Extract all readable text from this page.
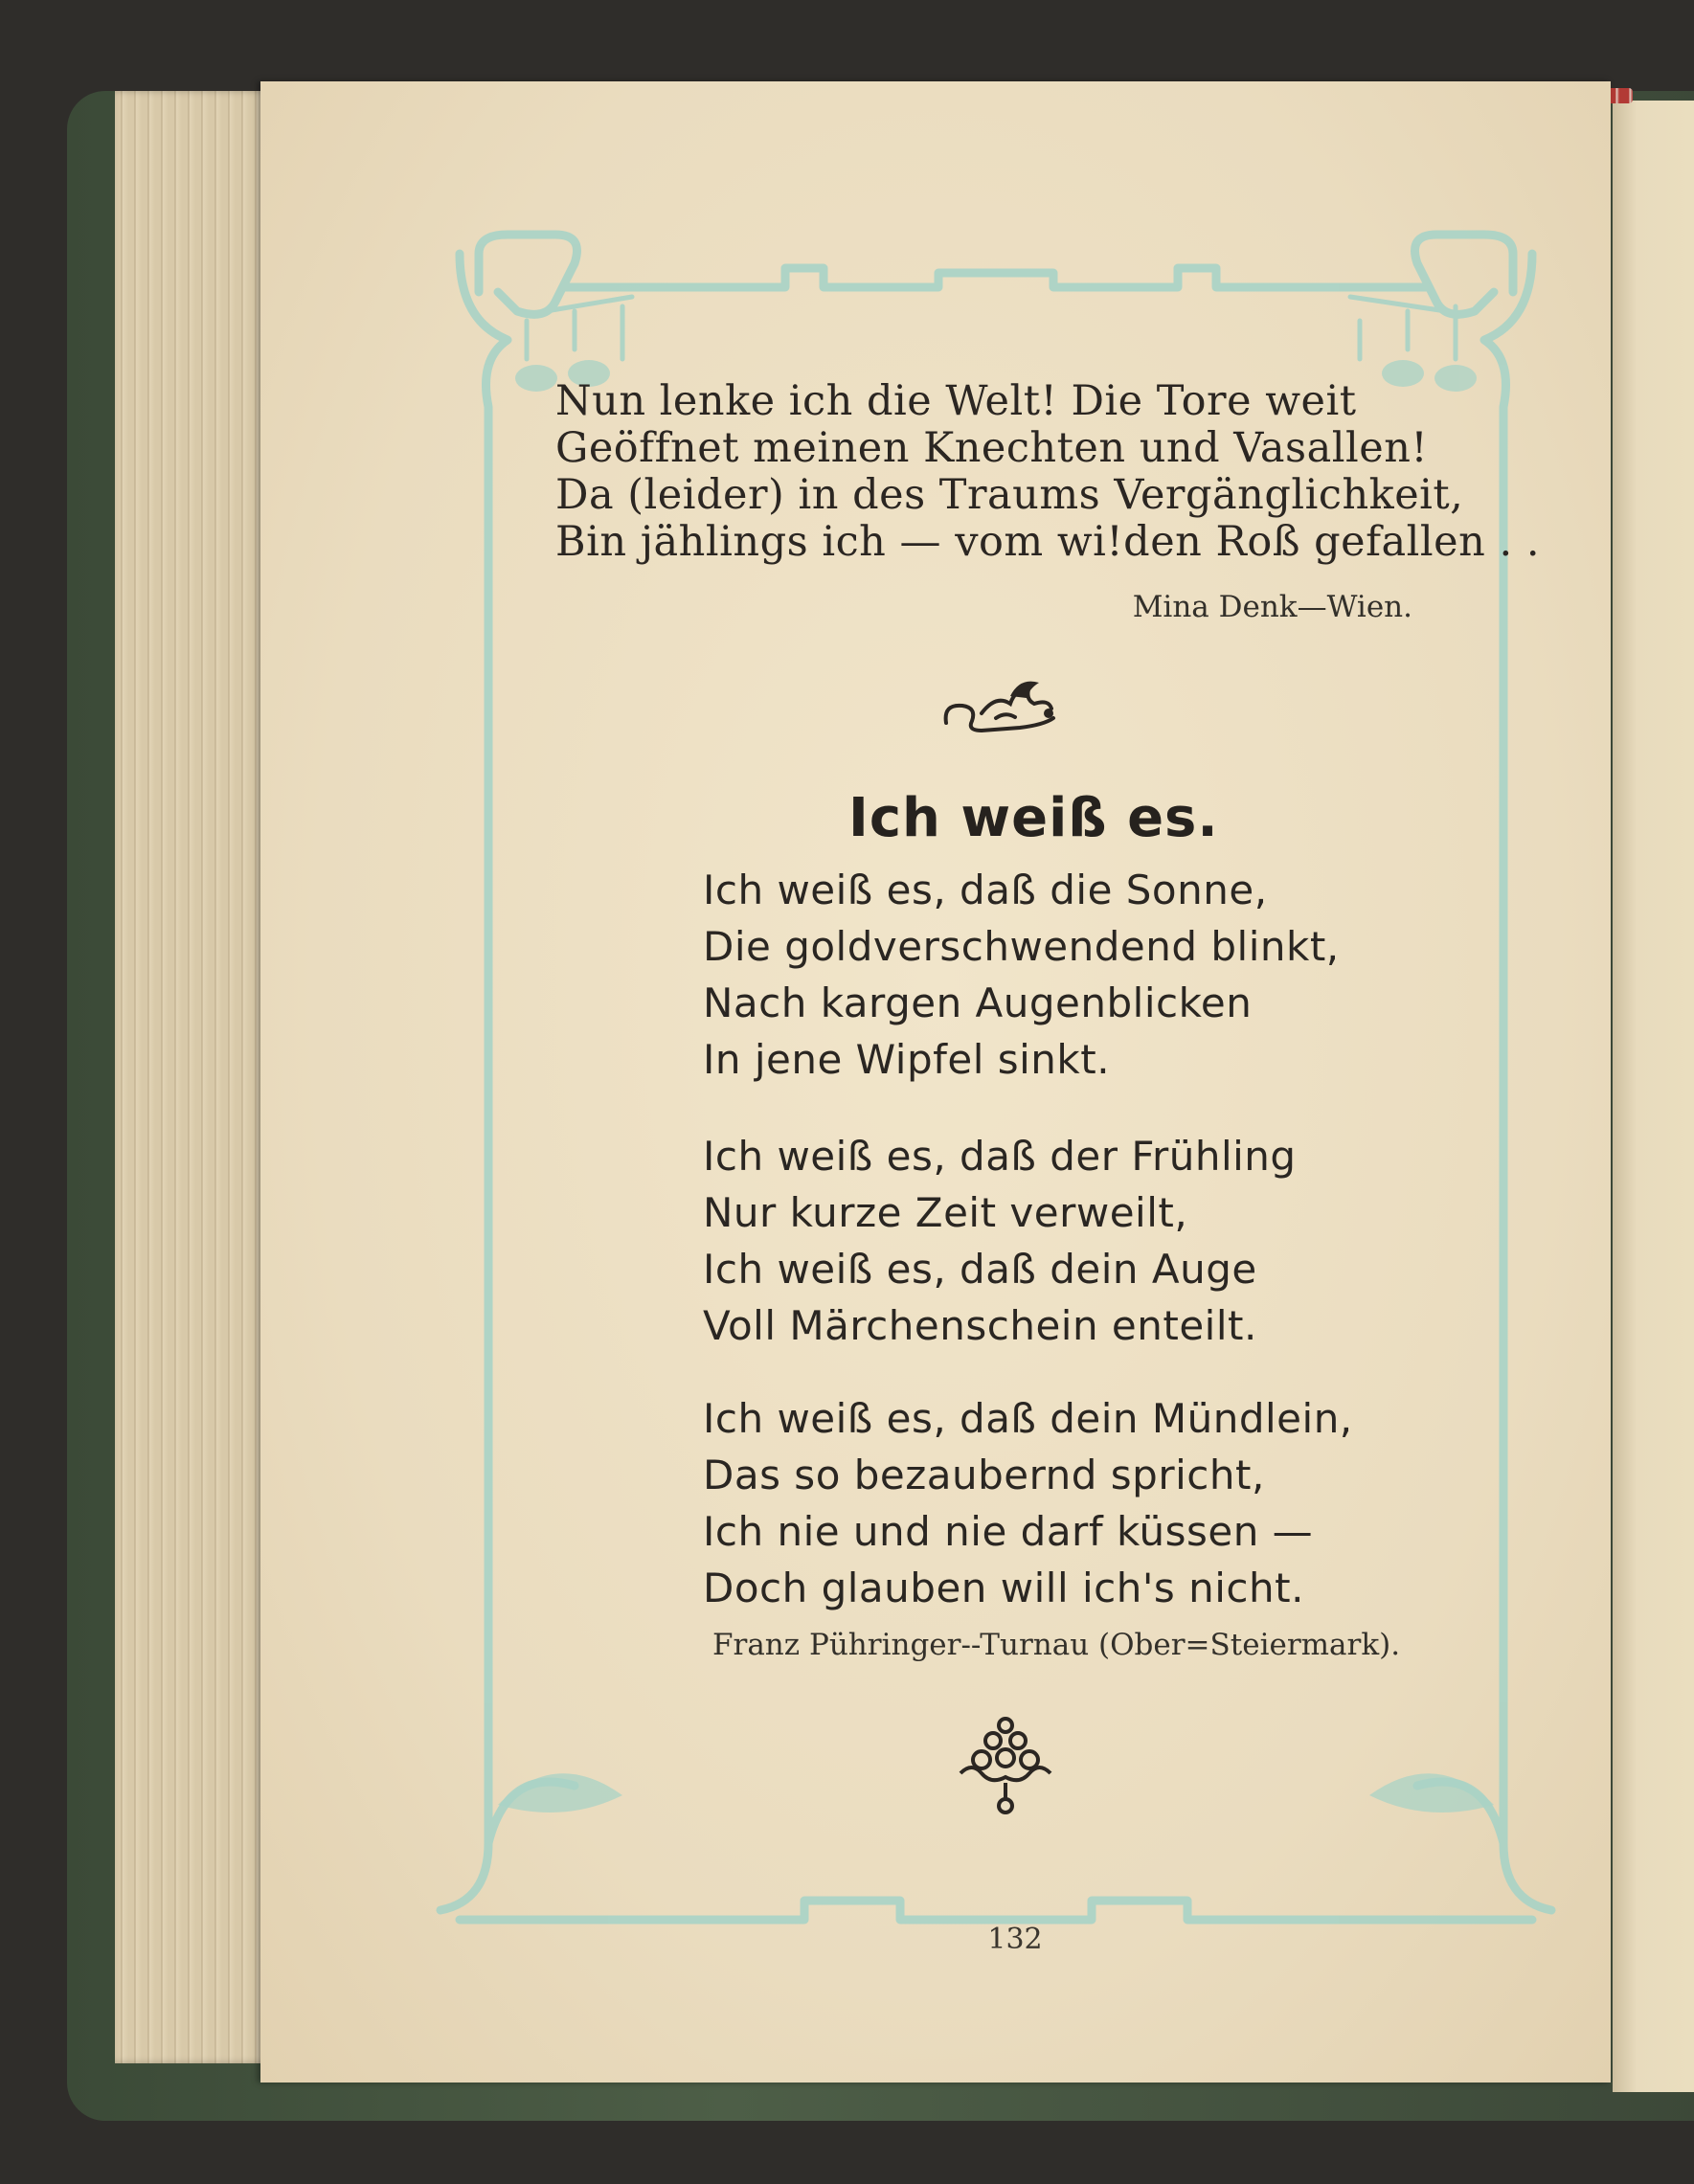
Nun lenke ich die Welt! Die Tore weit
Geöffnet meinen Knechten und Vasallen!
Da (leider) in des Traums Vergänglichkeit,
Bin jählings ich — vom wi!den Roß gefallen . .
Mina Denk—Wien.
Ich weiß es.
Ich weiß es, daß die Sonne,
Die goldverschwendend blinkt,
Nach kargen Augenblicken
In jene Wipfel sinkt.
Ich weiß es, daß der Frühling
Nur kurze Zeit verweilt,
Ich weiß es, daß dein Auge
Voll Märchenschein enteilt.
Ich weiß es, daß dein Mündlein,
Das so bezaubernd spricht,
Ich nie und nie darf küssen —
Doch glauben will ich's nicht.
Franz Pühringer--Turnau (Ober=Steiermark).
132
